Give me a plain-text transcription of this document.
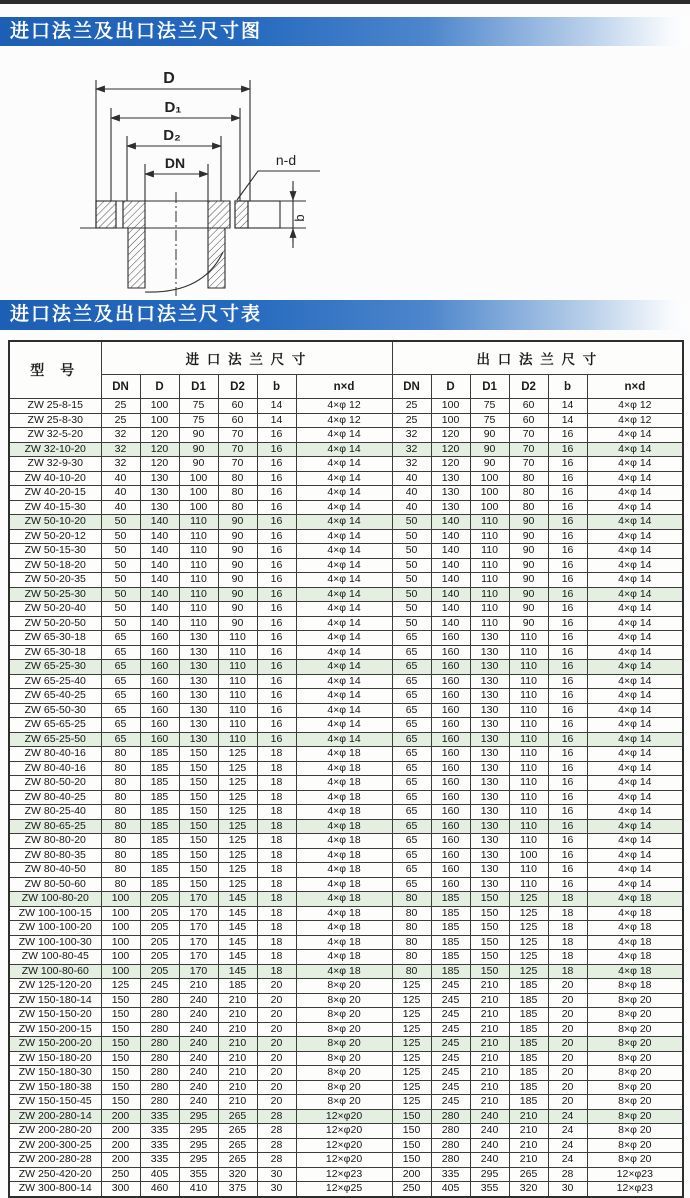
进口法兰及出口法兰尺寸图
D
D₁
D₂
DN	n-d
b
进口法兰及出口法兰尺寸表
型 号	进 口 法 兰 尺 寸						出 口 法 兰 尺 寸					
	DN	D	D1	D2	b	n×d	DN	D	D1	D2	b	n×d
ZW 25-8-15	25	100	75	60	14	4×φ 12	25	100	75	60	14	4×φ 12
ZW 25-8-30	25	100	75	60	14	4×φ 12	25	100	75	60	14	4×φ 12
ZW 32-5-20	32	120	90	70	16	4×φ 14	32	120	90	70	16	4×φ 14
ZW 32-10-20	32	120	90	70	16	4×φ 14	32	120	90	70	16	4×φ 14
ZW 32-9-30	32	120	90	70	16	4×φ 14	32	120	90	70	16	4×φ 14
ZW 40-10-20	40	130	100	80	16	4×φ 14	40	130	100	80	16	4×φ 14
ZW 40-20-15	40	130	100	80	16	4×φ 14	40	130	100	80	16	4×φ 14
ZW 40-15-30	40	130	100	80	16	4×φ 14	40	130	100	80	16	4×φ 14
ZW 50-10-20	50	140	110	90	16	4×φ 14	50	140	110	90	16	4×φ 14
ZW 50-20-12	50	140	110	90	16	4×φ 14	50	140	110	90	16	4×φ 14
ZW 50-15-30	50	140	110	90	16	4×φ 14	50	140	110	90	16	4×φ 14
ZW 50-18-20	50	140	110	90	16	4×φ 14	50	140	110	90	16	4×φ 14
ZW 50-20-35	50	140	110	90	16	4×φ 14	50	140	110	90	16	4×φ 14
ZW 50-25-30	50	140	110	90	16	4×φ 14	50	140	110	90	16	4×φ 14
ZW 50-20-40	50	140	110	90	16	4×φ 14	50	140	110	90	16	4×φ 14
ZW 50-20-50	50	140	110	90	16	4×φ 14	50	140	110	90	16	4×φ 14
ZW 65-30-18	65	160	130	110	16	4×φ 14	65	160	130	110	16	4×φ 14
ZW 65-30-18	65	160	130	110	16	4×φ 14	65	160	130	110	16	4×φ 14
ZW 65-25-30	65	160	130	110	16	4×φ 14	65	160	130	110	16	4×φ 14
ZW 65-25-40	65	160	130	110	16	4×φ 14	65	160	130	110	16	4×φ 14
ZW 65-40-25	65	160	130	110	16	4×φ 14	65	160	130	110	16	4×φ 14
ZW 65-50-30	65	160	130	110	16	4×φ 14	65	160	130	110	16	4×φ 14
ZW 65-65-25	65	160	130	110	16	4×φ 14	65	160	130	110	16	4×φ 14
ZW 65-25-50	65	160	130	110	16	4×φ 14	65	160	130	110	16	4×φ 14
ZW 80-40-16	80	185	150	125	18	4×φ 18	65	160	130	110	16	4×φ 14
ZW 80-40-16	80	185	150	125	18	4×φ 18	65	160	130	110	16	4×φ 14
ZW 80-50-20	80	185	150	125	18	4×φ 18	65	160	130	110	16	4×φ 14
ZW 80-40-25	80	185	150	125	18	4×φ 18	65	160	130	110	16	4×φ 14
ZW 80-25-40	80	185	150	125	18	4×φ 18	65	160	130	110	16	4×φ 14
ZW 80-65-25	80	185	150	125	18	4×φ 18	65	160	130	110	16	4×φ 14
ZW 80-80-20	80	185	150	125	18	4×φ 18	65	160	130	110	16	4×φ 14
ZW 80-80-35	80	185	150	125	18	4×φ 18	65	160	130	100	16	4×φ 14
ZW 80-40-50	80	185	150	125	18	4×φ 18	65	160	130	110	16	4×φ 14
ZW 80-50-60	80	185	150	125	18	4×φ 18	65	160	130	110	16	4×φ 14
ZW 100-80-20	100	205	170	145	18	4×φ 18	80	185	150	125	18	4×φ 18
ZW 100-100-15	100	205	170	145	18	4×φ 18	80	185	150	125	18	4×φ 18
ZW 100-100-20	100	205	170	145	18	4×φ 18	80	185	150	125	18	4×φ 18
ZW 100-100-30	100	205	170	145	18	4×φ 18	80	185	150	125	18	4×φ 18
ZW 100-80-45	100	205	170	145	18	4×φ 18	80	185	150	125	18	4×φ 18
ZW 100-80-60	100	205	170	145	18	4×φ 18	80	185	150	125	18	4×φ 18
ZW 125-120-20	125	245	210	185	20	8×φ 20	125	245	210	185	20	8×φ 18
ZW 150-180-14	150	280	240	210	20	8×φ 20	125	245	210	185	20	8×φ 20
ZW 150-150-20	150	280	240	210	20	8×φ 20	125	245	210	185	20	8×φ 20
ZW 150-200-15	150	280	240	210	20	8×φ 20	125	245	210	185	20	8×φ 20
ZW 150-200-20	150	280	240	210	20	8×φ 20	125	245	210	185	20	8×φ 20
ZW 150-180-20	150	280	240	210	20	8×φ 20	125	245	210	185	20	8×φ 20
ZW 150-180-30	150	280	240	210	20	8×φ 20	125	245	210	185	20	8×φ 20
ZW 150-180-38	150	280	240	210	20	8×φ 20	125	245	210	185	20	8×φ 20
ZW 150-150-45	150	280	240	210	20	8×φ 20	125	245	210	185	20	8×φ 20
ZW 200-280-14	200	335	295	265	28	12×φ20	150	280	240	210	24	8×φ 20
ZW 200-280-20	200	335	295	265	28	12×φ20	150	280	240	210	24	8×φ 20
ZW 200-300-25	200	335	295	265	28	12×φ20	150	280	240	210	24	8×φ 20
ZW 200-280-28	200	335	295	265	28	12×φ20	150	280	240	210	24	8×φ 20
ZW 250-420-20	250	405	355	320	30	12×φ23	200	335	295	265	28	12×φ23
ZW 300-800-14	300	460	410	375	30	12×φ25	250	405	355	320	30	12×φ23
